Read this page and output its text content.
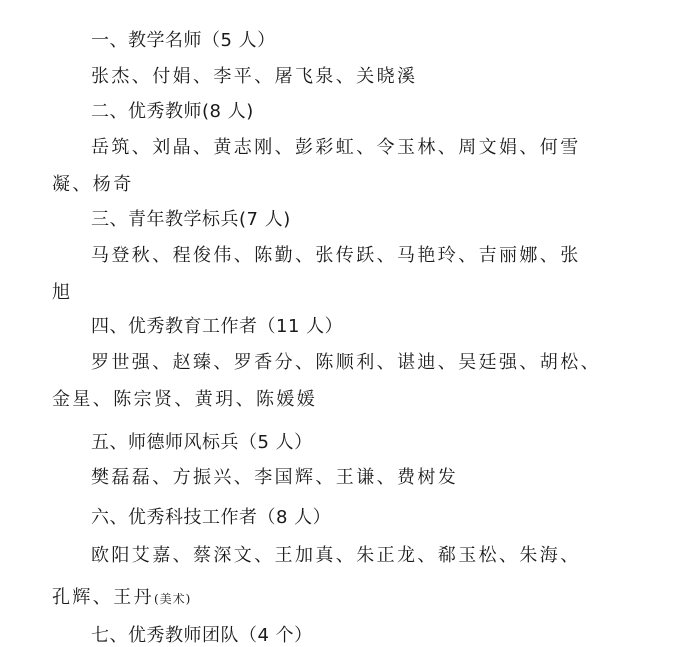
一、教学名师（5 人）
张杰、付娟、李平、屠飞泉、关晓溪
二、优秀教师(8 人)
岳筑、刘晶、黄志刚、彭彩虹、令玉林、周文娟、何雪
凝、杨奇
三、青年教学标兵(7 人)
马登秋、程俊伟、陈勤、张传跃、马艳玲、吉丽娜、张
旭
四、优秀教育工作者（11 人）
罗世强、赵臻、罗香分、陈顺利、谌迪、吴廷强、胡松、
金星、陈宗贤、黄玥、陈媛媛
五、师德师风标兵（5 人）
樊磊磊、方振兴、李国辉、王谦、费树发
六、优秀科技工作者（8 人）
欧阳艾嘉、蔡深文、王加真、朱正龙、郗玉松、朱海、
孔辉、王丹(美术)
七、优秀教师团队（4 个）
